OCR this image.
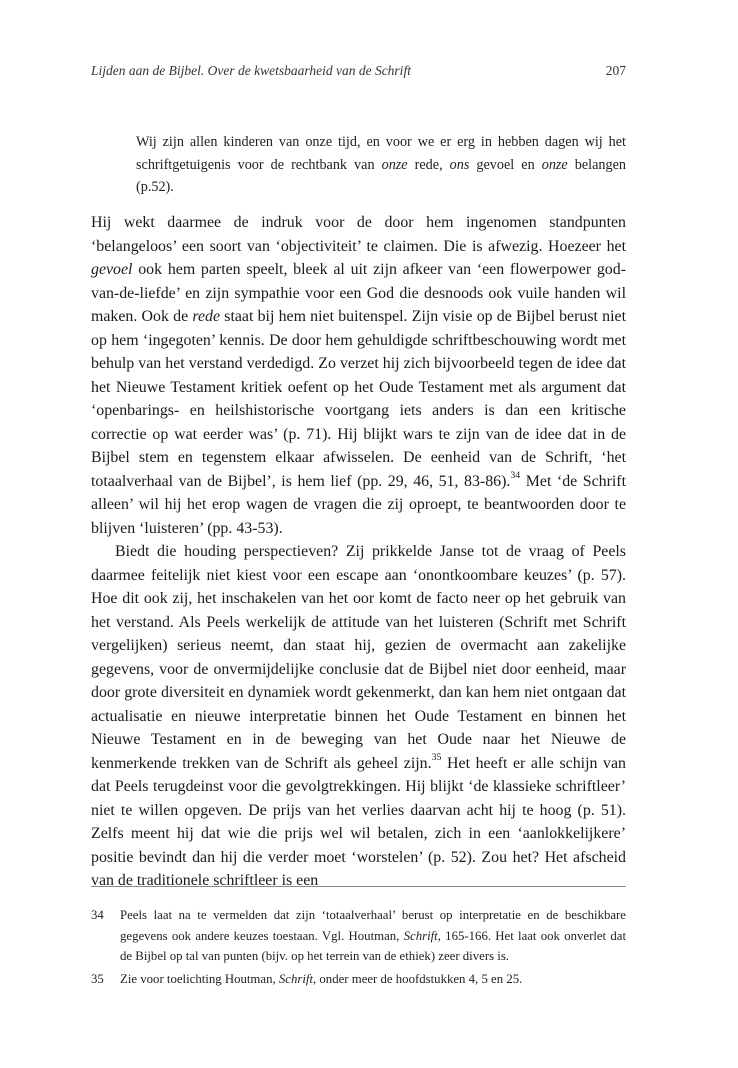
Lijden aan de Bijbel. Over de kwetsbaarheid van de Schrift	207

Wij zijn allen kinderen van onze tijd, en voor we er erg in hebben dagen wij het schriftgetuigenis voor de rechtbank van onze rede, ons gevoel en onze belangen (p.52).

Hij wekt daarmee de indruk voor de door hem ingenomen standpunten ‘belangeloos’ een soort van ‘objectiviteit’ te claimen. Die is afwezig. Hoezeer het gevoel ook hem parten speelt, bleek al uit zijn afkeer van ‘een flowerpower god-van-de-liefde’ en zijn sympathie voor een God die desnoods ook vuile handen wil maken. Ook de rede staat bij hem niet buitenspel. Zijn visie op de Bijbel berust niet op hem ‘ingegoten’ kennis. De door hem gehuldigde schriftbeschouwing wordt met behulp van het verstand verdedigd. Zo verzet hij zich bijvoorbeeld tegen de idee dat het Nieuwe Testament kritiek oefent op het Oude Testament met als argument dat ‘openbarings- en heilshistorische voortgang iets anders is dan een kritische correctie op wat eerder was’ (p. 71). Hij blijkt wars te zijn van de idee dat in de Bijbel stem en tegenstem elkaar afwisselen. De eenheid van de Schrift, ‘het totaalverhaal van de Bijbel’, is hem lief (pp. 29, 46, 51, 83-86).$^{34}$ Met ‘de Schrift alleen’ wil hij het erop wagen de vragen die zij oproept, te beantwoorden door te blijven ‘luisteren’ (pp. 43-53).

Biedt die houding perspectieven? Zij prikkelde Janse tot de vraag of Peels daarmee feitelijk niet kiest voor een escape aan ‘onontkoombare keuzes’ (p. 57). Hoe dit ook zij, het inschakelen van het oor komt de facto neer op het gebruik van het verstand. Als Peels werkelijk de attitude van het luisteren (Schrift met Schrift vergelijken) serieus neemt, dan staat hij, gezien de overmacht aan zakelijke gegevens, voor de onvermijdelijke conclusie dat de Bijbel niet door eenheid, maar door grote diversiteit en dynamiek wordt gekenmerkt, dan kan hem niet ontgaan dat actualisatie en nieuwe interpretatie binnen het Oude Testament en binnen het Nieuwe Testament en in de beweging van het Oude naar het Nieuwe de kenmerkende trekken van de Schrift als geheel zijn.$^{35}$ Het heeft er alle schijn van dat Peels terugdeinst voor die gevolgtrekkingen. Hij blijkt ‘de klassieke schriftleer’ niet te willen opgeven. De prijs van het verlies daarvan acht hij te hoog (p. 51). Zelfs meent hij dat wie die prijs wel wil betalen, zich in een ‘aanlokkelijkere’ positie bevindt dan hij die verder moet ‘worstelen’ (p. 52). Zou het? Het afscheid van de traditionele schriftleer is een

34 Peels laat na te vermelden dat zijn ‘totaalverhaal’ berust op interpretatie en de beschikbare gegevens ook andere keuzes toestaan. Vgl. Houtman, Schrift, 165-166. Het laat ook onverlet dat de Bijbel op tal van punten (bijv. op het terrein van de ethiek) zeer divers is.
35 Zie voor toelichting Houtman, Schrift, onder meer de hoofdstukken 4, 5 en 25.
